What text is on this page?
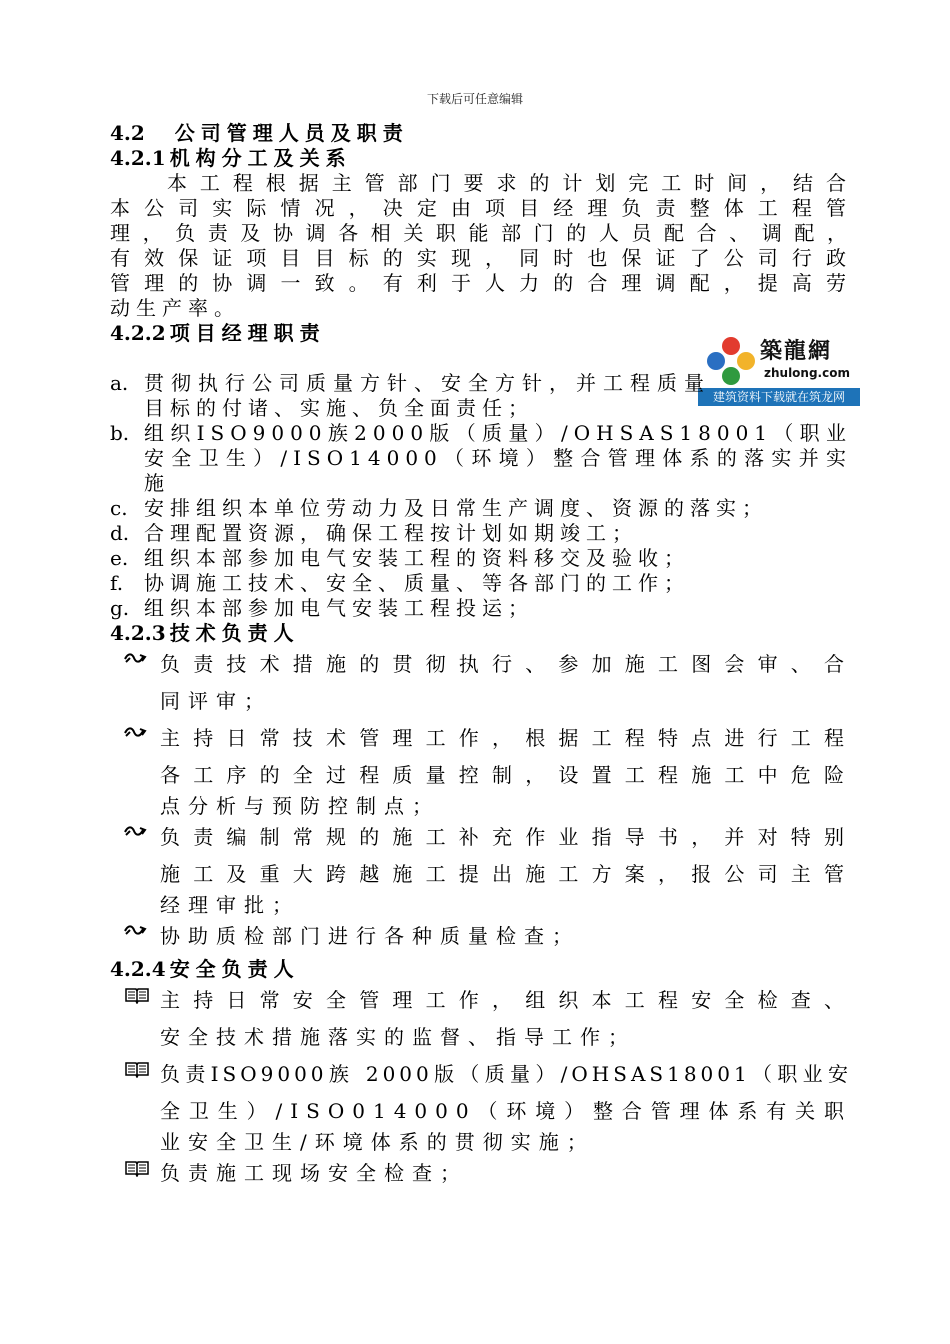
下载后可任意编辑
築龍網
zhulong.com
建筑资料下载就在筑龙网
4.2 公司管理人员及职责
4.2.1 机构分工及关系

本工程根据主管部门要求的计划完工时间，结合

本公司实际情况，决定由项目经理负责整体工程管

理，负责及协调各相关职能部门的人员配合、调配，

有效保证项目目标的实现，同时也保证了公司行政

管理的协调一致。有利于人力的合理调配，提高劳

动生产率。

4.2.2 项目经理职责
a. 贯彻执行公司质量方针、安全方针，并工程质量目标的付诸、实施、负全面责任；
b. 组织ISO9000族2000版（质量）/OHSAS18001（职业安全卫生）/ISO14000（环境）整合管理体系的落实并实施
c. 安排组织本单位劳动力及日常生产调度、资源的落实；
d. 合理配置资源，确保工程按计划如期竣工；
e. 组织本部参加电气安装工程的资料移交及验收；
f. 协调施工技术、安全、质量、等各部门的工作；
g. 组织本部参加电气安装工程投运；
4.2.3 技术负责人
负责技术措施的贯彻执行、参加施工图会审、合
同评审；
主持日常技术管理工作，根据工程特点进行工程
各工序的全过程质量控制，设置工程施工中危险
点分析与预防控制点；
负责编制常规的施工补充作业指导书，并对特别
施工及重大跨越施工提出施工方案，报公司主管
经理审批；
协助质检部门进行各种质量检查；
4.2.4 安全负责人
主持日常安全管理工作，组织本工程安全检查、
安全技术措施落实的监督、指导工作；
负责ISO9000族 2000版（质量）/OHSAS18001（职业安
全卫生）/ISO014000（环境）整合管理体系有关职
业安全卫生/环境体系的贯彻实施；
负责施工现场安全检查；
